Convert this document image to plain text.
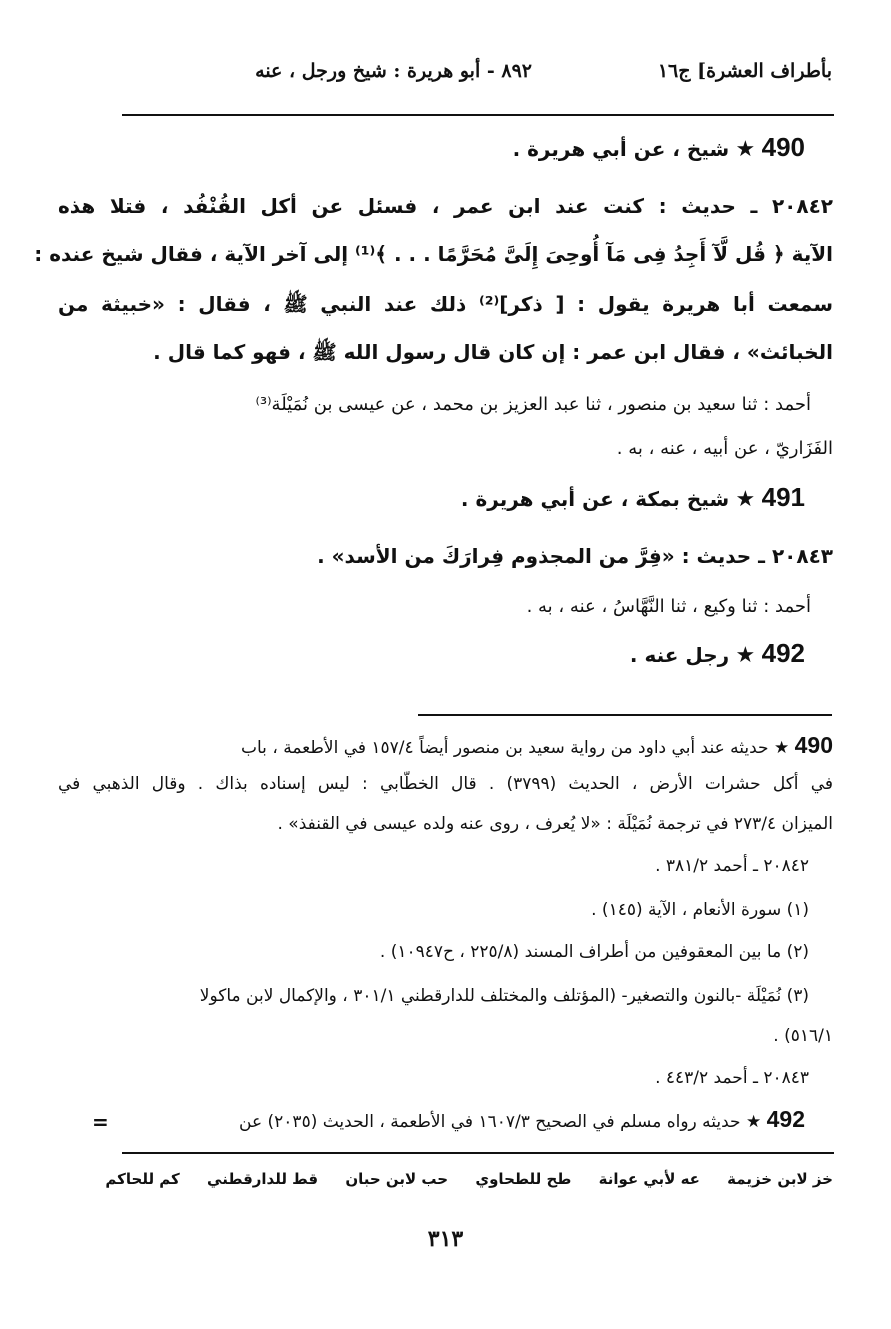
بأطراف العشرة] ج١٦
٨٩٢ - أبو هريرة : شيخ ورجل ، عنه
490 ★ شيخ ، عن أبي هريرة .
٢٠٨٤٢ ـ حديث : كنت عند ابن عمر ، فسئل عن أكل القُنْفُد ، فتلا هذه
الآية ﴿ قُل لَّآ أَجِدُ فِى مَآ أُوحِىَ إِلَىَّ مُحَرَّمًا . . . ﴾⁽¹⁾ إلى آخر الآية ، فقال شيخ عنده :
سمعت أبا هريرة يقول : [ ذكر]⁽²⁾ ذلك عند النبي ﷺ ، فقال : «خبيثة من
الخبائث» ، فقال ابن عمر : إن كان قال رسول الله ﷺ ، فهو كما قال .
أحمد : ثنا سعيد بن منصور ، ثنا عبد العزيز بن محمد ، عن عيسى بن نُمَيْلَة⁽³⁾
الفَزَاريّ ، عن أبيه ، عنه ، به .
491 ★ شيخ بمكة ، عن أبي هريرة .
٢٠٨٤٣ ـ حديث : «فِرَّ من المجذوم فِرارَكَ من الأسد» .
أحمد : ثنا وكيع ، ثنا النَّهَّاسُ ، عنه ، به .
492 ★ رجل عنه .
490 ★ حديثه عند أبي داود من رواية سعيد بن منصور أيضاً ١٥٧/٤ في الأطعمة ، باب
في أكل حشرات الأرض ، الحديث (٣٧٩٩) . قال الخطّابي : ليس إسناده بذاك . وقال الذهبي في
الميزان ٢٧٣/٤ في ترجمة نُمَيْلَة : «لا يُعرف ، روى عنه ولده عيسى في القنفذ» .
٢٠٨٤٢ ـ أحمد ٣٨١/٢ .
(١) سورة الأنعام ، الآية (١٤٥) .
(٢) ما بين المعقوفين من أطراف المسند (٢٢٥/٨ ، ح١٠٩٤٧) .
(٣) نُمَيْلَة -بالنون والتصغير- (المؤتلف والمختلف للدارقطني ٣٠١/١ ، والإكمال لابن ماكولا
٥١٦/١) .
٢٠٨٤٣ ـ أحمد ٤٤٣/٢ .
492 ★ حديثه رواه مسلم في الصحيح ١٦٠٧/٣ في الأطعمة ، الحديث (٢٠٣٥) عن
=
خز لابن خزيمة عه لأبي عوانة طح للطحاوي حب لابن حبان قط للدارقطني كم للحاكم
٣١٣
